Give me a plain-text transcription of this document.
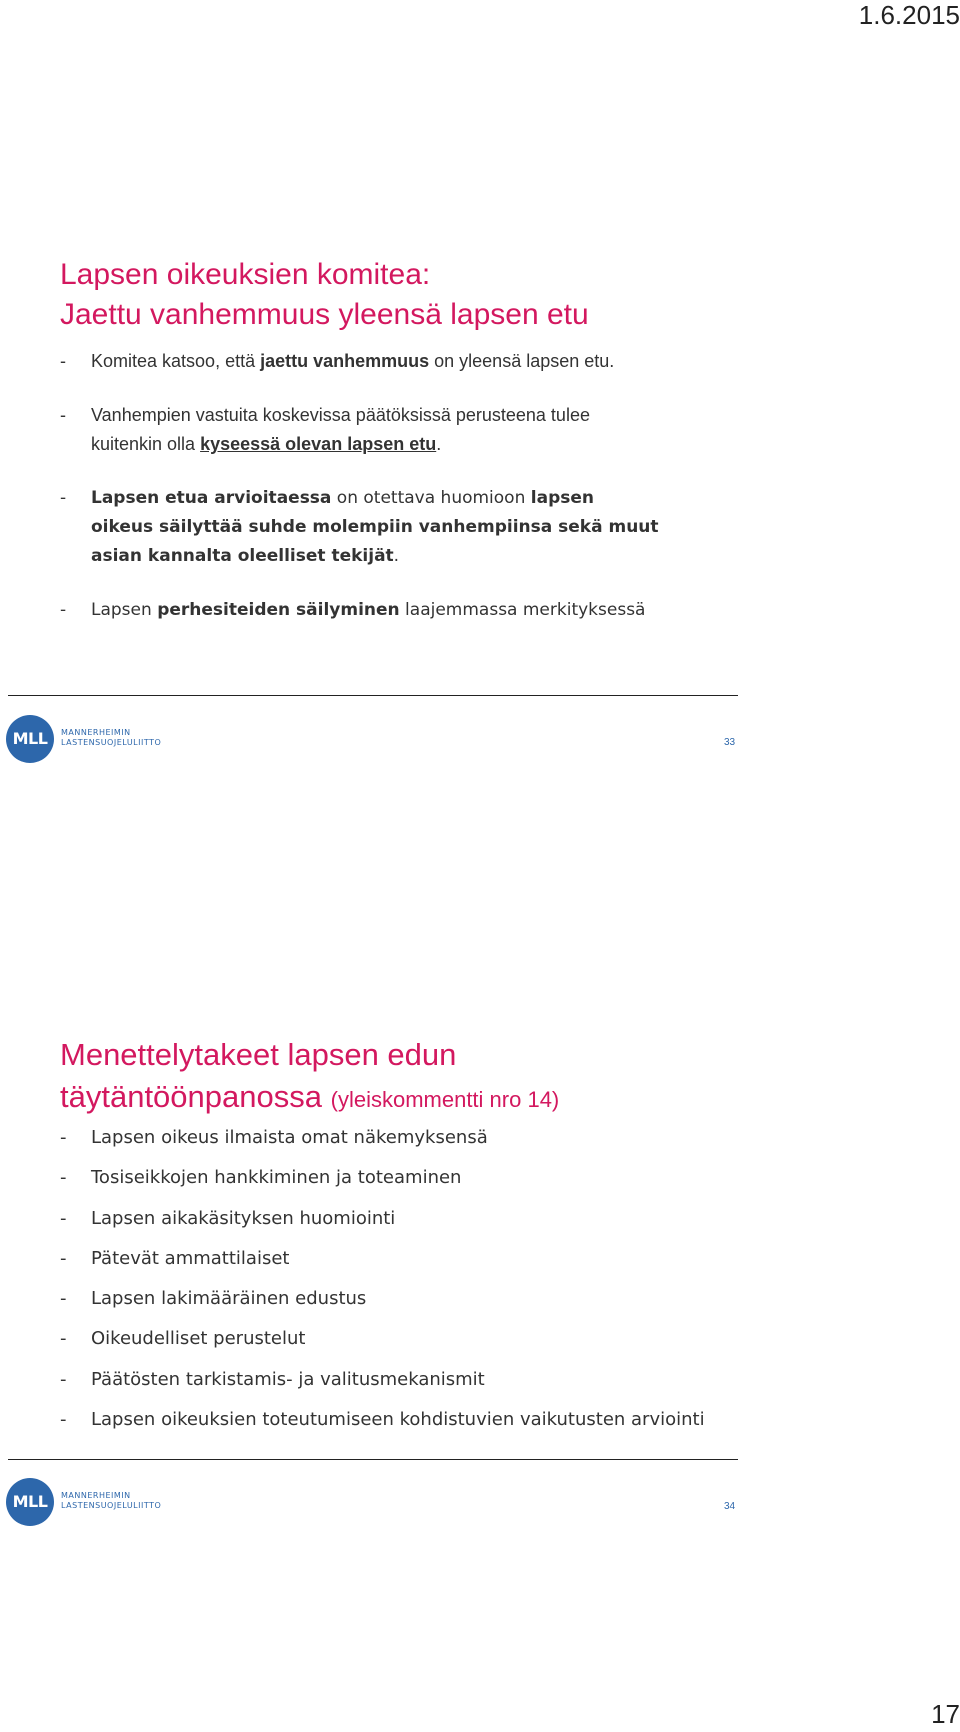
1.6.2015
Lapsen oikeuksien komitea:
Jaettu vanhemmuus yleensä lapsen etu
- Komitea katsoo, että jaettu vanhemmuus on yleensä lapsen etu.
- Vanhempien vastuita koskevissa päätöksissä perusteena tulee kuitenkin olla kyseessä olevan lapsen etu.
- Lapsen etua arvioitaessa on otettava huomioon lapsen oikeus säilyttää suhde molempiin vanhempiinsa sekä muut asian kannalta oleelliset tekijät.
- Lapsen perhesiteiden säilyminen laajemmassa merkityksessä
MLL	MANNERHEIMIN
LASTENSUOJELULIITTO	33
Menettelytakeet lapsen edun
täytäntöönpanossa (yleiskommentti nro 14)
- Lapsen oikeus ilmaista omat näkemyksensä
- Tosiseikkojen hankkiminen ja toteaminen
- Lapsen aikakäsityksen huomiointi
- Pätevät ammattilaiset
- Lapsen lakimääräinen edustus
- Oikeudelliset perustelut
- Päätösten tarkistamis- ja valitusmekanismit
- Lapsen oikeuksien toteutumiseen kohdistuvien vaikutusten arviointi
MLL	MANNERHEIMIN
LASTENSUOJELULIITTO	34
17
